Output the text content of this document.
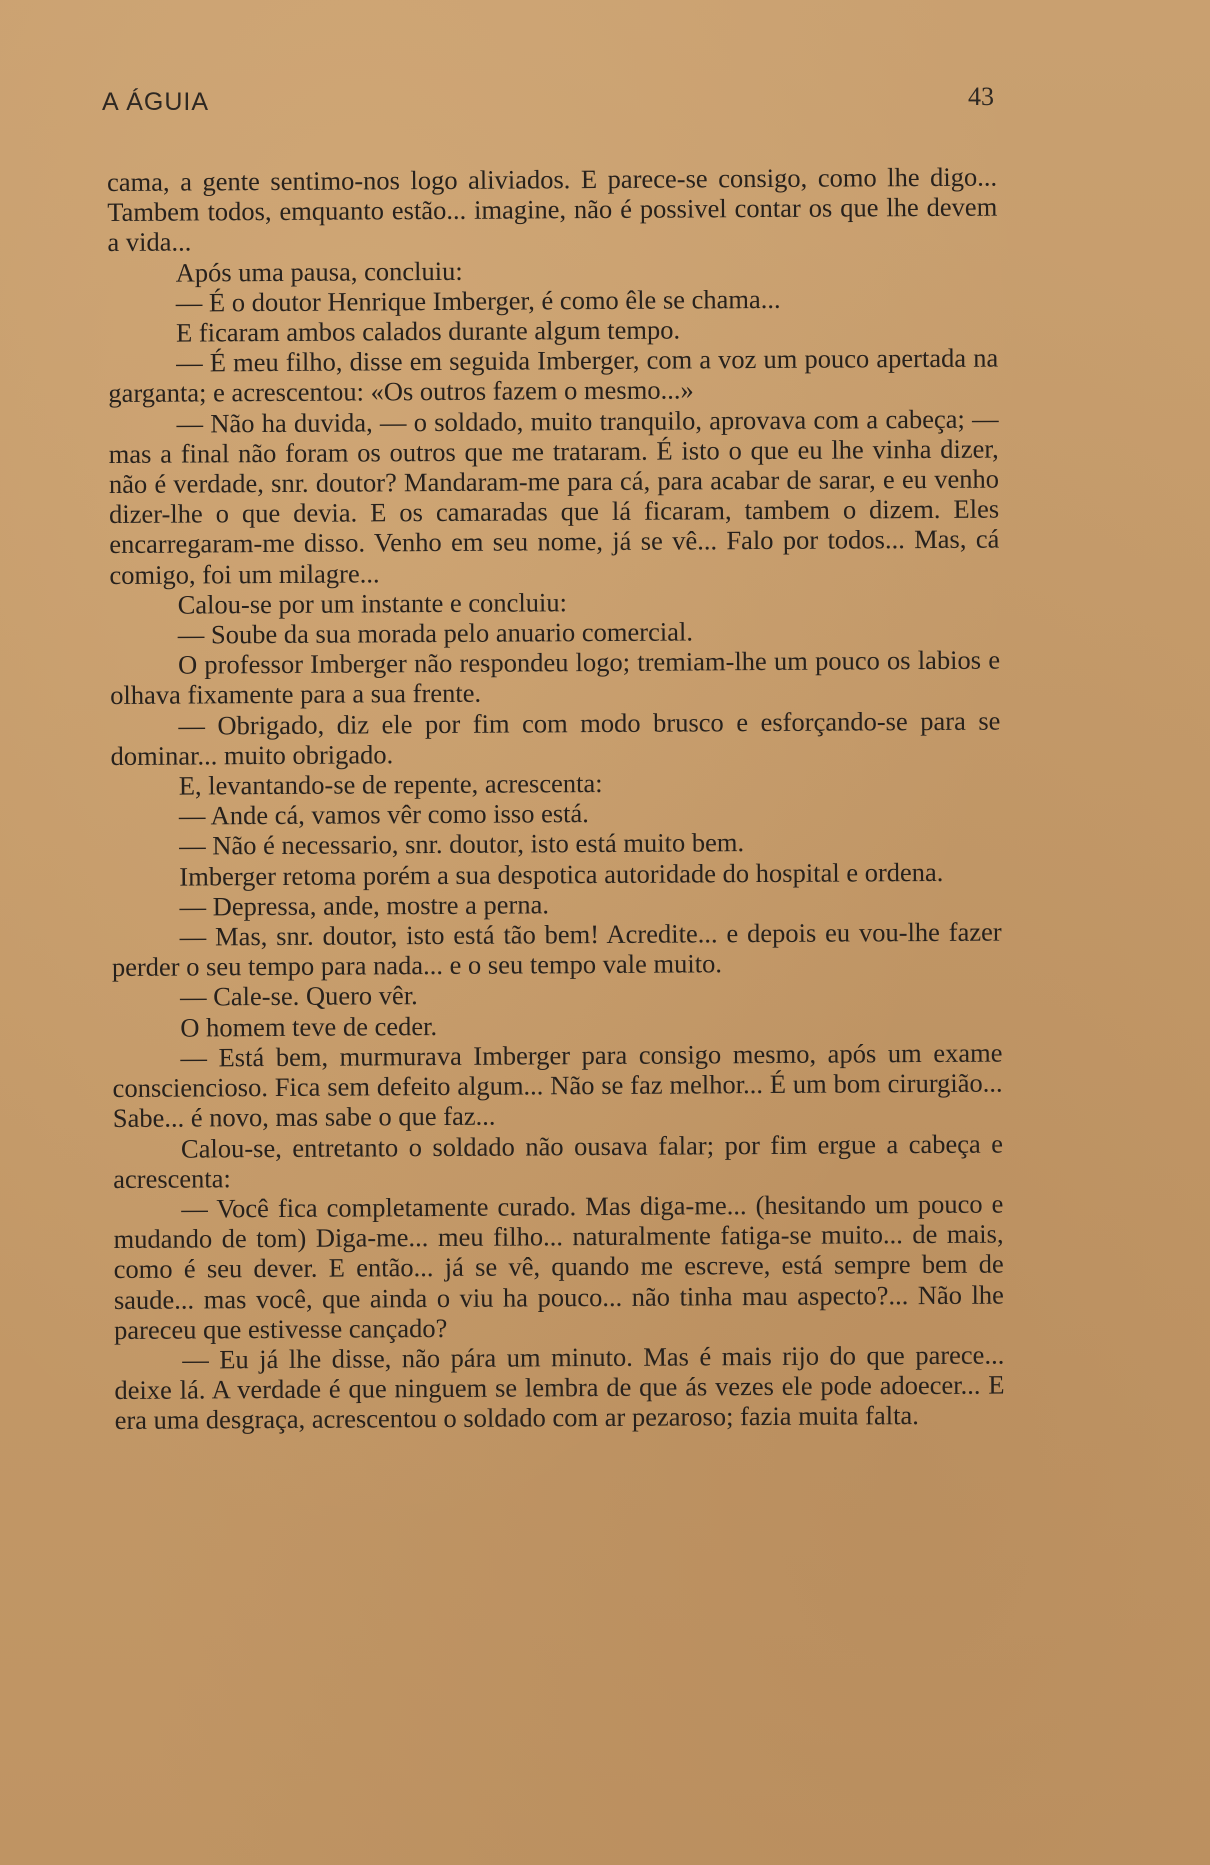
A ÁGUIA	43

cama, a gente sentimo-nos logo aliviados. E parece-se consigo, como lhe digo... Tambem todos, emquanto estão... imagine, não é possivel contar os que lhe devem a vida...

Após uma pausa, concluiu:

— É o doutor Henrique Imberger, é como êle se chama...

E ficaram ambos calados durante algum tempo.

— É meu filho, disse em seguida Imberger, com a voz um pouco apertada na garganta; e acrescentou: «Os outros fazem o mesmo...»

— Não ha duvida, — o soldado, muito tranquilo, aprovava com a cabeça; — mas a final não foram os outros que me trataram. É isto o que eu lhe vinha dizer, não é verdade, snr. doutor? Mandaram-me para cá, para acabar de sarar, e eu venho dizer-lhe o que devia. E os camaradas que lá ficaram, tambem o dizem. Eles encarregaram-me disso. Venho em seu nome, já se vê... Falo por todos... Mas, cá comigo, foi um milagre...

Calou-se por um instante e concluiu:

— Soube da sua morada pelo anuario comercial.

O professor Imberger não respondeu logo; tremiam-lhe um pouco os labios e olhava fixamente para a sua frente.

— Obrigado, diz ele por fim com modo brusco e esforçando-se para se dominar... muito obrigado.

E, levantando-se de repente, acrescenta:

— Ande cá, vamos vêr como isso está.

— Não é necessario, snr. doutor, isto está muito bem.

Imberger retoma porém a sua despotica autoridade do hospital e ordena.

— Depressa, ande, mostre a perna.

— Mas, snr. doutor, isto está tão bem! Acredite... e depois eu vou-lhe fazer perder o seu tempo para nada... e o seu tempo vale muito.

— Cale-se. Quero vêr.

O homem teve de ceder.

— Está bem, murmurava Imberger para consigo mesmo, após um exame consciencioso. Fica sem defeito algum... Não se faz melhor... É um bom cirurgião... Sabe... é novo, mas sabe o que faz...

Calou-se, entretanto o soldado não ousava falar; por fim ergue a cabeça e acrescenta:

— Você fica completamente curado. Mas diga-me... (hesitando um pouco e mudando de tom) Diga-me... meu filho... naturalmente fatiga-se muito... de mais, como é seu dever. E então... já se vê, quando me escreve, está sempre bem de saude... mas você, que ainda o viu ha pouco... não tinha mau aspecto?... Não lhe pareceu que estivesse cançado?

— Eu já lhe disse, não pára um minuto. Mas é mais rijo do que parece... deixe lá. A verdade é que ninguem se lembra de que ás vezes ele pode adoecer... E era uma desgraça, acrescentou o soldado com ar pezaroso; fazia muita falta.
